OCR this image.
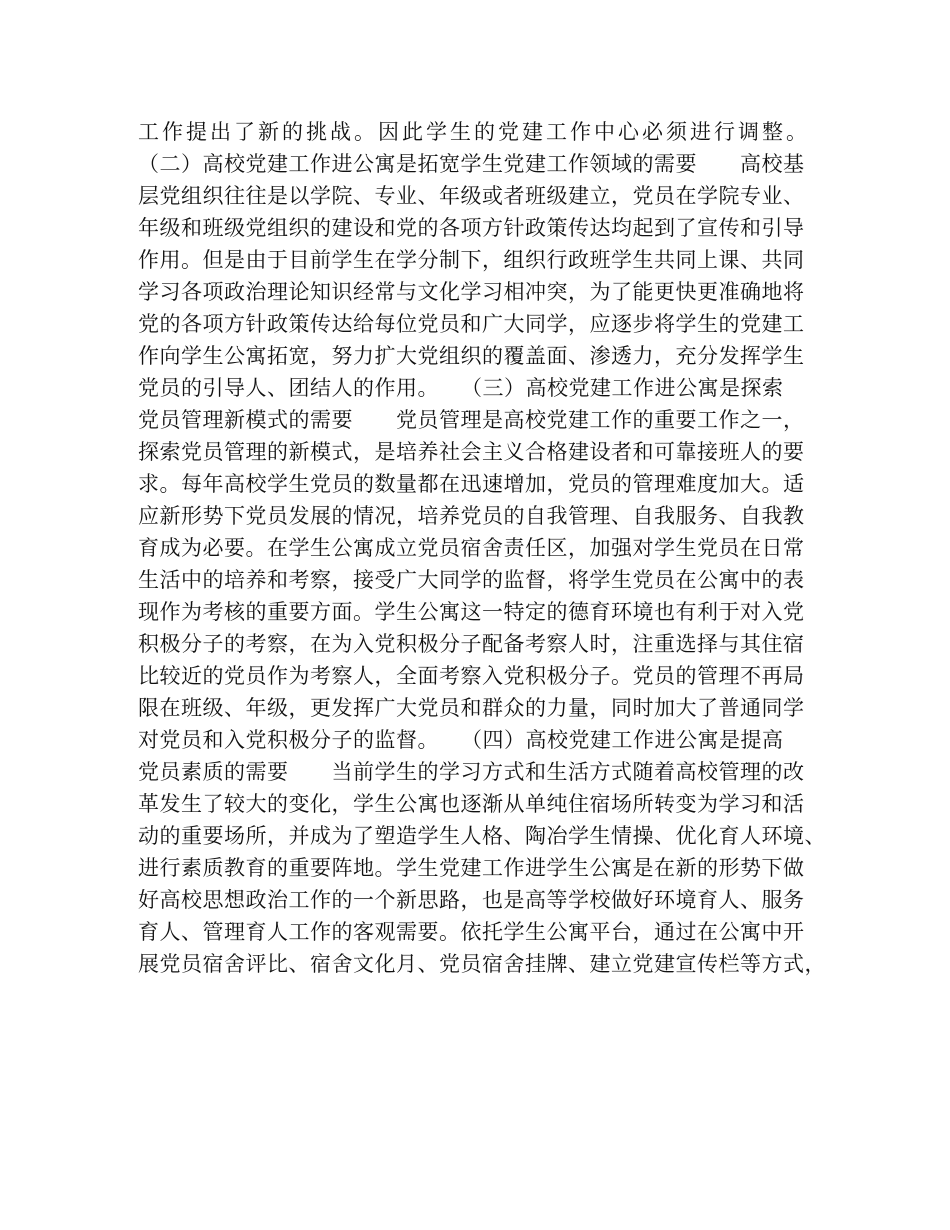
工作提出了新的挑战。因此学生的党建工作中心必须进行调整。
（二）高校党建工作进公寓是拓宽学生党建工作领域的需要　　高校基
层党组织往往是以学院、专业、年级或者班级建立，党员在学院专业、
年级和班级党组织的建设和党的各项方针政策传达均起到了宣传和引导
作用。但是由于目前学生在学分制下，组织行政班学生共同上课、共同
学习各项政治理论知识经常与文化学习相冲突，为了能更快更准确地将
党的各项方针政策传达给每位党员和广大同学，应逐步将学生的党建工
作向学生公寓拓宽，努力扩大党组织的覆盖面、渗透力，充分发挥学生
党员的引导人、团结人的作用。　　（三）高校党建工作进公寓是探索
党员管理新模式的需要　　党员管理是高校党建工作的重要工作之一，
探索党员管理的新模式，是培养社会主义合格建设者和可靠接班人的要
求。每年高校学生党员的数量都在迅速增加，党员的管理难度加大。适
应新形势下党员发展的情况，培养党员的自我管理、自我服务、自我教
育成为必要。在学生公寓成立党员宿舍责任区，加强对学生党员在日常
生活中的培养和考察，接受广大同学的监督，将学生党员在公寓中的表
现作为考核的重要方面。学生公寓这一特定的德育环境也有利于对入党
积极分子的考察，在为入党积极分子配备考察人时，注重选择与其住宿
比较近的党员作为考察人，全面考察入党积极分子。党员的管理不再局
限在班级、年级，更发挥广大党员和群众的力量，同时加大了普通同学
对党员和入党积极分子的监督。　　（四）高校党建工作进公寓是提高
党员素质的需要　　当前学生的学习方式和生活方式随着高校管理的改
革发生了较大的变化，学生公寓也逐渐从单纯住宿场所转变为学习和活
动的重要场所，并成为了塑造学生人格、陶冶学生情操、优化育人环境、
进行素质教育的重要阵地。学生党建工作进学生公寓是在新的形势下做
好高校思想政治工作的一个新思路，也是高等学校做好环境育人、服务
育人、管理育人工作的客观需要。依托学生公寓平台，通过在公寓中开
展党员宿舍评比、宿舍文化月、党员宿舍挂牌、建立党建宣传栏等方式，
